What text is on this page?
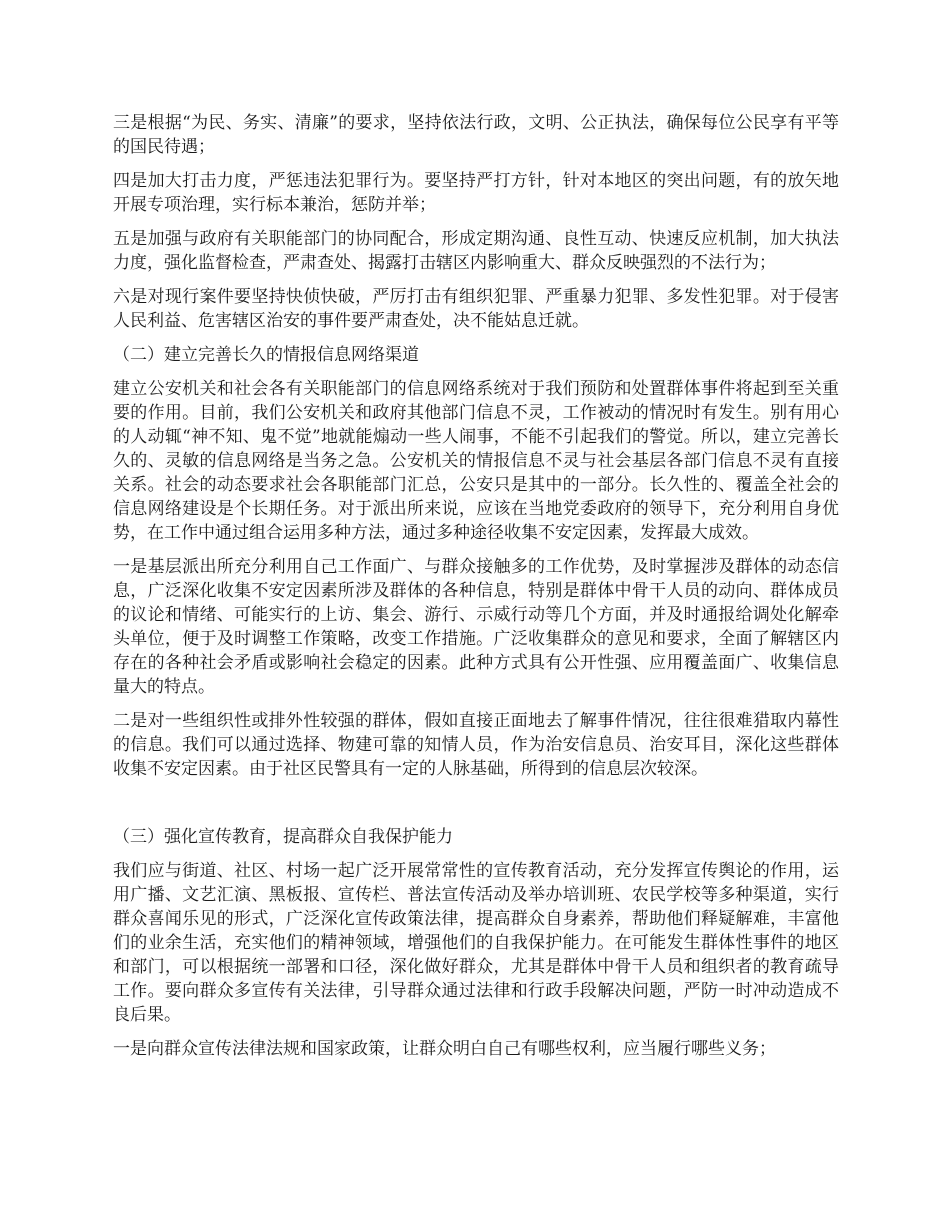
三是根据“为民、务实、清廉”的要求，坚持依法行政，文明、公正执法，确保每位公民享有平等的国民待遇；

四是加大打击力度，严惩违法犯罪行为。要坚持严打方针，针对本地区的突出问题，有的放矢地开展专项治理，实行标本兼治，惩防并举；

五是加强与政府有关职能部门的协同配合，形成定期沟通、良性互动、快速反应机制，加大执法力度，强化监督检查，严肃查处、揭露打击辖区内影响重大、群众反映强烈的不法行为；

六是对现行案件要坚持快侦快破，严厉打击有组织犯罪、严重暴力犯罪、多发性犯罪。对于侵害人民利益、危害辖区治安的事件要严肃查处，决不能姑息迁就。

（二）建立完善长久的情报信息网络渠道

建立公安机关和社会各有关职能部门的信息网络系统对于我们预防和处置群体事件将起到至关重要的作用。目前，我们公安机关和政府其他部门信息不灵，工作被动的情况时有发生。别有用心的人动辄“神不知、鬼不觉”地就能煽动一些人闹事，不能不引起我们的警觉。所以，建立完善长久的、灵敏的信息网络是当务之急。公安机关的情报信息不灵与社会基层各部门信息不灵有直接关系。社会的动态要求社会各职能部门汇总，公安只是其中的一部分。长久性的、覆盖全社会的信息网络建设是个长期任务。对于派出所来说，应该在当地党委政府的领导下，充分利用自身优势，在工作中通过组合运用多种方法，通过多种途径收集不安定因素，发挥最大成效。

一是基层派出所充分利用自己工作面广、与群众接触多的工作优势，及时掌握涉及群体的动态信息，广泛深化收集不安定因素所涉及群体的各种信息，特别是群体中骨干人员的动向、群体成员的议论和情绪、可能实行的上访、集会、游行、示威行动等几个方面，并及时通报给调处化解牵头单位，便于及时调整工作策略，改变工作措施。广泛收集群众的意见和要求，全面了解辖区内存在的各种社会矛盾或影响社会稳定的因素。此种方式具有公开性强、应用覆盖面广、收集信息量大的特点。

二是对一些组织性或排外性较强的群体，假如直接正面地去了解事件情况，往往很难猎取内幕性的信息。我们可以通过选择、物建可靠的知情人员，作为治安信息员、治安耳目，深化这些群体收集不安定因素。由于社区民警具有一定的人脉基础，所得到的信息层次较深。

（三）强化宣传教育，提高群众自我保护能力

我们应与街道、社区、村场一起广泛开展常常性的宣传教育活动，充分发挥宣传舆论的作用，运用广播、文艺汇演、黑板报、宣传栏、普法宣传活动及举办培训班、农民学校等多种渠道，实行群众喜闻乐见的形式，广泛深化宣传政策法律，提高群众自身素养，帮助他们释疑解难，丰富他们的业余生活，充实他们的精神领域，增强他们的自我保护能力。在可能发生群体性事件的地区和部门，可以根据统一部署和口径，深化做好群众，尤其是群体中骨干人员和组织者的教育疏导工作。要向群众多宣传有关法律，引导群众通过法律和行政手段解决问题，严防一时冲动造成不良后果。

一是向群众宣传法律法规和国家政策，让群众明白自己有哪些权利，应当履行哪些义务；
